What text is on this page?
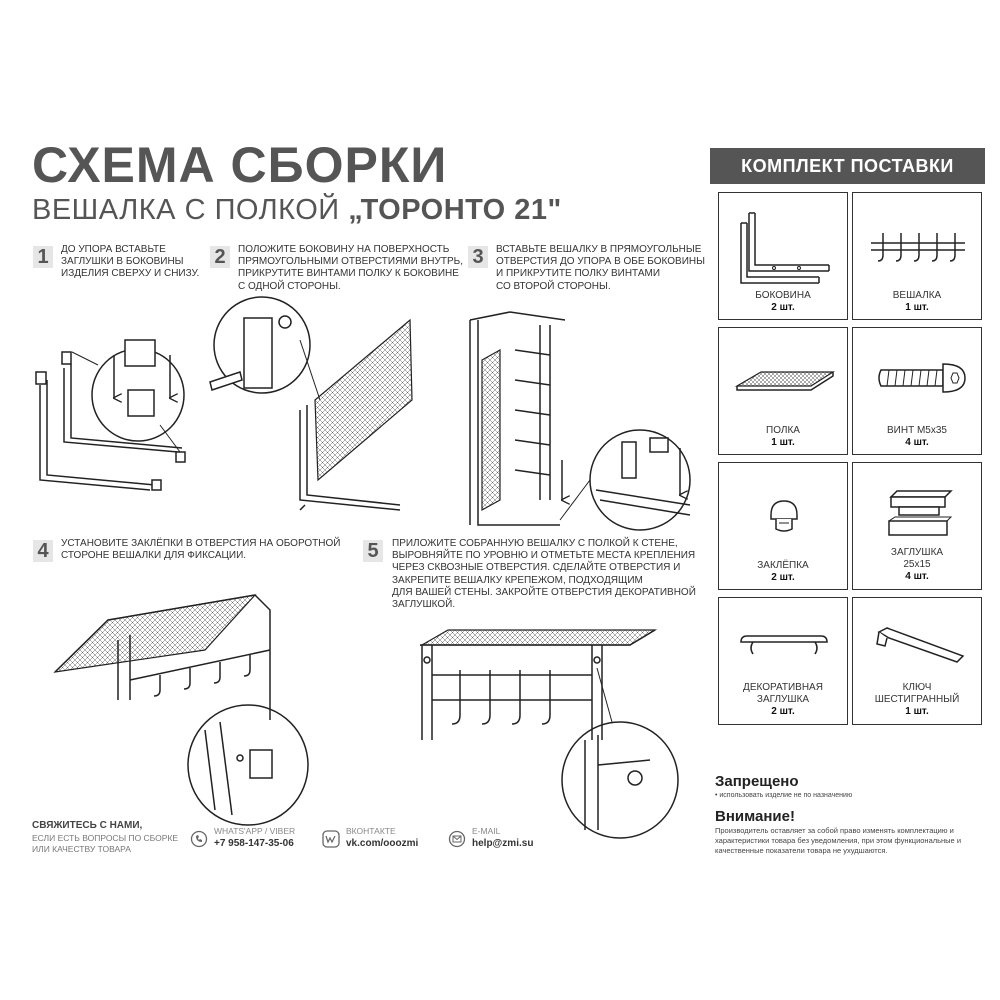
СХЕМА СБОРКИ
ВЕШАЛКА С ПОЛКОЙ „ТОРОНТО 21"
КОМПЛЕКТ ПОСТАВКИ
БОКОВИНА
2 шт.
ВЕШАЛКА
1 шт.
ПОЛКА
1 шт.
ВИНТ M5x35
4 шт.
ЗАКЛЁПКА
2 шт.
ЗАГЛУШКА
25x15
4 шт.
ДЕКОРАТИВНАЯ
ЗАГЛУШКА
2 шт.
КЛЮЧ
ШЕСТИГРАННЫЙ
1 шт.
1	ДО УПОРА ВСТАВЬТЕ
ЗАГЛУШКИ В БОКОВИНЫ
ИЗДЕЛИЯ СВЕРХУ И СНИЗУ.
2	ПОЛОЖИТЕ БОКОВИНУ НА ПОВЕРХНОСТЬ
ПРЯМОУГОЛЬНЫМИ ОТВЕРСТИЯМИ ВНУТРЬ,
ПРИКРУТИТЕ ВИНТАМИ ПОЛКУ К БОКОВИНЕ
С ОДНОЙ СТОРОНЫ.
3	ВСТАВЬТЕ ВЕШАЛКУ В ПРЯМОУГОЛЬНЫЕ
ОТВЕРСТИЯ ДО УПОРА В ОБЕ БОКОВИНЫ
И ПРИКРУТИТЕ ПОЛКУ ВИНТАМИ
СО ВТОРОЙ СТОРОНЫ.
4	УСТАНОВИТЕ ЗАКЛЁПКИ В ОТВЕРСТИЯ НА ОБОРОТНОЙ
СТОРОНЕ ВЕШАЛКИ ДЛЯ ФИКСАЦИИ.	5	ПРИЛОЖИТЕ СОБРАННУЮ ВЕШАЛКУ С ПОЛКОЙ К СТЕНЕ,
ВЫРОВНЯЙТЕ ПО УРОВНЮ И ОТМЕТЬТЕ МЕСТА КРЕПЛЕНИЯ
ЧЕРЕЗ СКВОЗНЫЕ ОТВЕРСТИЯ. СДЕЛАЙТЕ ОТВЕРСТИЯ И
ЗАКРЕПИТЕ ВЕШАЛКУ КРЕПЕЖОМ, ПОДХОДЯЩИМ
ДЛЯ ВАШЕЙ СТЕНЫ. ЗАКРОЙТЕ ОТВЕРСТИЯ ДЕКОРАТИВНОЙ
ЗАГЛУШКОЙ.
СВЯЖИТЕСЬ С НАМИ,
ЕСЛИ ЕСТЬ ВОПРОСЫ ПО СБОРКЕ ИЛИ КАЧЕСТВУ ТОВАРА
WHATS'APP / VIBER
+7 958-147-35-06
ВКОНТАКТЕ
vk.com/ooozmi
E-MAIL
help@zmi.su
Запрещено
• использовать изделие не по назначению
Внимание!
Производитель оставляет за собой право изменять комплектацию и характеристики товара без уведомления, при этом функциональные и качественные показатели товара не ухудшаются.
